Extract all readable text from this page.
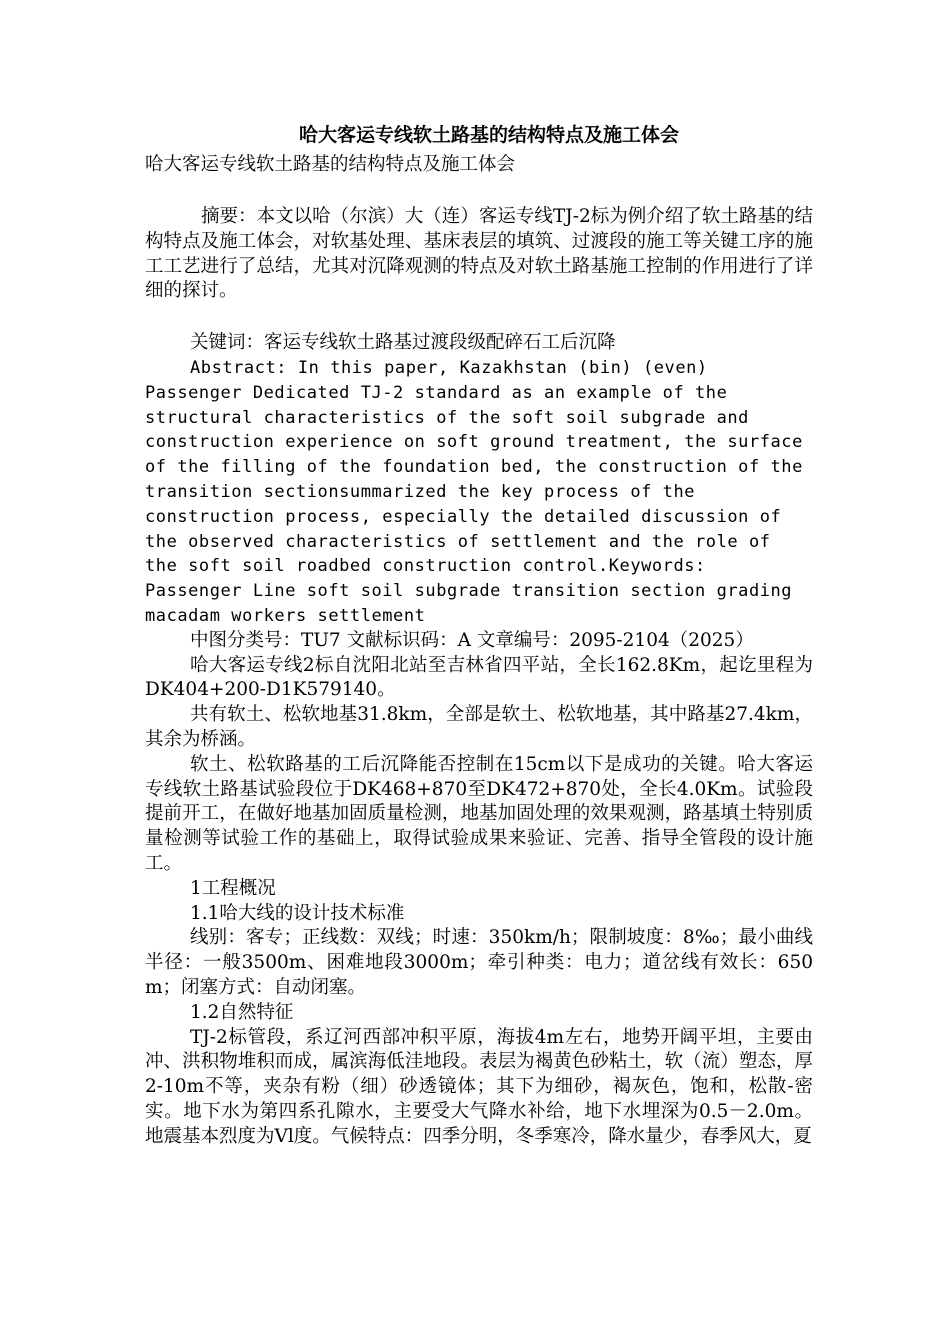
哈大客运专线软土路基的结构特点及施工体会
哈大客运专线软土路基的结构特点及施工体会

摘要：本文以哈（尔滨）大（连）客运专线TJ-2标为例介绍了软土路基的结构特点及施工体会，对软基处理、基床表层的填筑、过渡段的施工等关键工序的施工工艺进行了总结，尤其对沉降观测的特点及对软土路基施工控制的作用进行了详细的探讨。

关键词：客运专线软土路基过渡段级配碎石工后沉降

Abstract: In this paper, Kazakhstan (bin) (even) Passenger Dedicated TJ-2 standard as an example of the structural characteristics of the soft soil subgrade and construction experience on soft ground treatment, the surface of the filling of the foundation bed, the construction of the transition sectionsummarized the key process of the construction process, especially the detailed discussion of the observed characteristics of settlement and the role of the soft soil roadbed construction control.Keywords: Passenger Line soft soil subgrade transition section grading macadam workers settlement

中图分类号：TU7 文献标识码：A 文章编号：2095-2104（2025）

哈大客运专线2标自沈阳北站至吉林省四平站，全长162.8Km，起讫里程为DK404+200-D1K579140。

共有软土、松软地基31.8km，全部是软土、松软地基，其中路基27.4km，其余为桥涵。

软土、松软路基的工后沉降能否控制在15cm以下是成功的关键。哈大客运专线软土路基试验段位于DK468+870至DK472+870处，全长4.0Km。试验段提前开工，在做好地基加固质量检测，地基加固处理的效果观测，路基填土特别质量检测等试验工作的基础上，取得试验成果来验证、完善、指导全管段的设计施工。

1工程概况

1.1哈大线的设计技术标准

线别：客专；正线数：双线；时速：350km/h；限制坡度：8‰；最小曲线半径：一般3500m、困难地段3000m；牵引种类：电力；道岔线有效长：650m；闭塞方式：自动闭塞。

1.2自然特征

TJ-2标管段，系辽河西部冲积平原，海拔4m左右，地势开阔平坦，主要由冲、洪积物堆积而成，属滨海低洼地段。表层为褐黄色砂粘土，软（流）塑态，厚2-10m不等，夹杂有粉（细）砂透镜体；其下为细砂，褐灰色，饱和，松散-密实。地下水为第四系孔隙水，主要受大气降水补给，地下水埋深为0.5－2.0m。地震基本烈度为Vl度。气候特点：四季分明，冬季寒冷，降水量少，春季风大，夏
